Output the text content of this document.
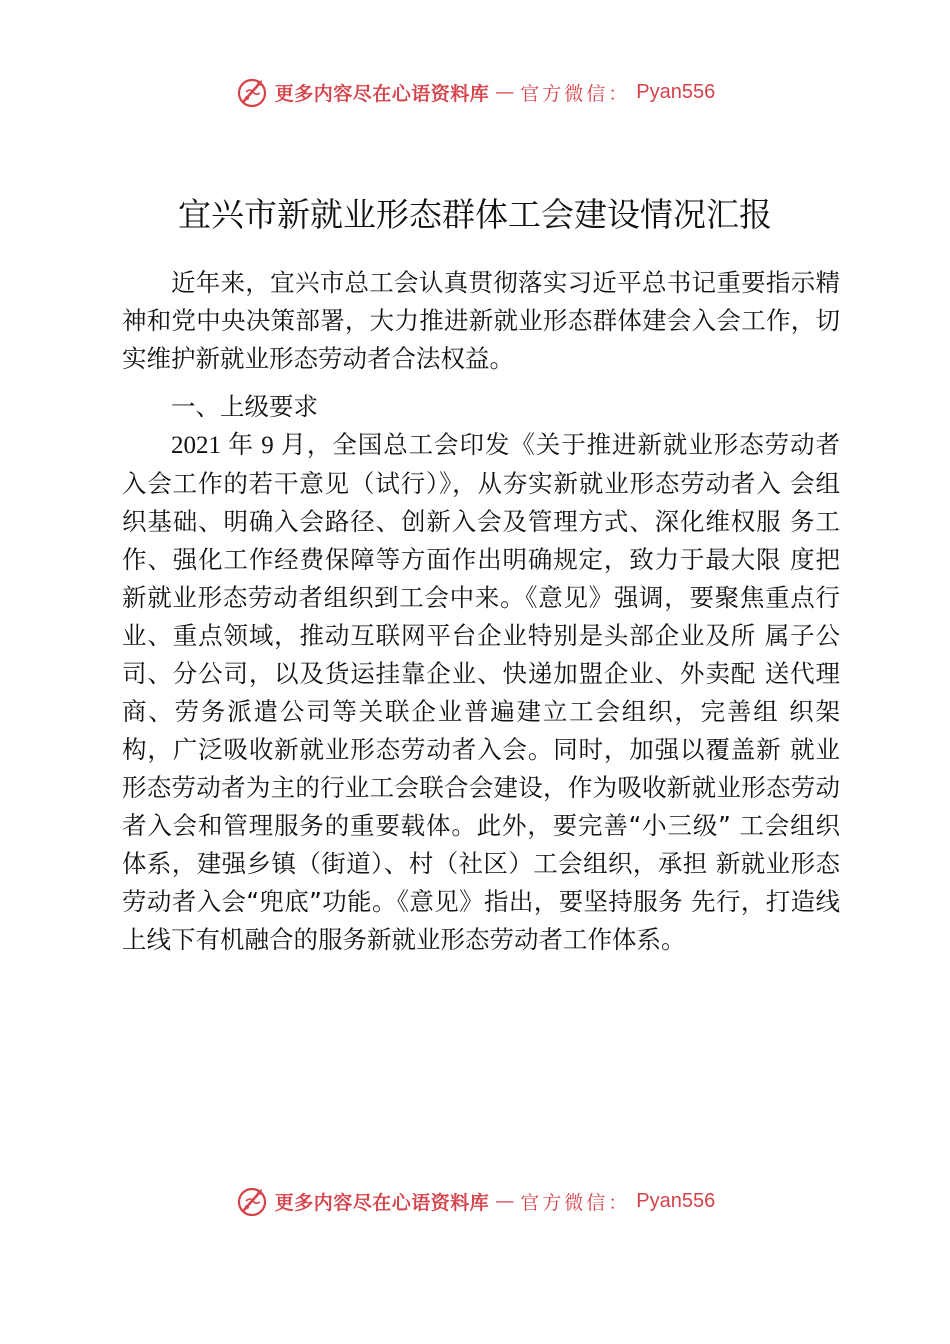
更多内容尽在心语资料库 — 官方微信： Pyan556
宜兴市新就业形态群体工会建设情况汇报

近年来，宜兴市总工会认真贯彻落实习近平总书记重要指示精神和党中央决策部署，大力推进新就业形态群体建会入会工作，切实维护新就业形态劳动者合法权益。

一、上级要求

2021 年 9 月，全国总工会印发《关于推进新就业形态劳动者入会工作的若干意见（试行）》，从夯实新就业形态劳动者入 会组织基础、明确入会路径、创新入会及管理方式、深化维权服 务工作、强化工作经费保障等方面作出明确规定，致力于最大限 度把新就业形态劳动者组织到工会中来。《意见》强调，要聚焦重点行业、重点领域，推动互联网平台企业特别是头部企业及所 属子公司、分公司，以及货运挂靠企业、快递加盟企业、外卖配 送代理商、劳务派遣公司等关联企业普遍建立工会组织，完善组 织架构，广泛吸收新就业形态劳动者入会。同时，加强以覆盖新 就业形态劳动者为主的行业工会联合会建设，作为吸收新就业形态劳动者入会和管理服务的重要载体。此外，要完善“小三级” 工会组织体系，建强乡镇（街道）、村（社区）工会组织，承担 新就业形态劳动者入会“兜底”功能。《意见》指出，要坚持服务 先行，打造线上线下有机融合的服务新就业形态劳动者工作体系。

更多内容尽在心语资料库 — 官方微信： Pyan556
